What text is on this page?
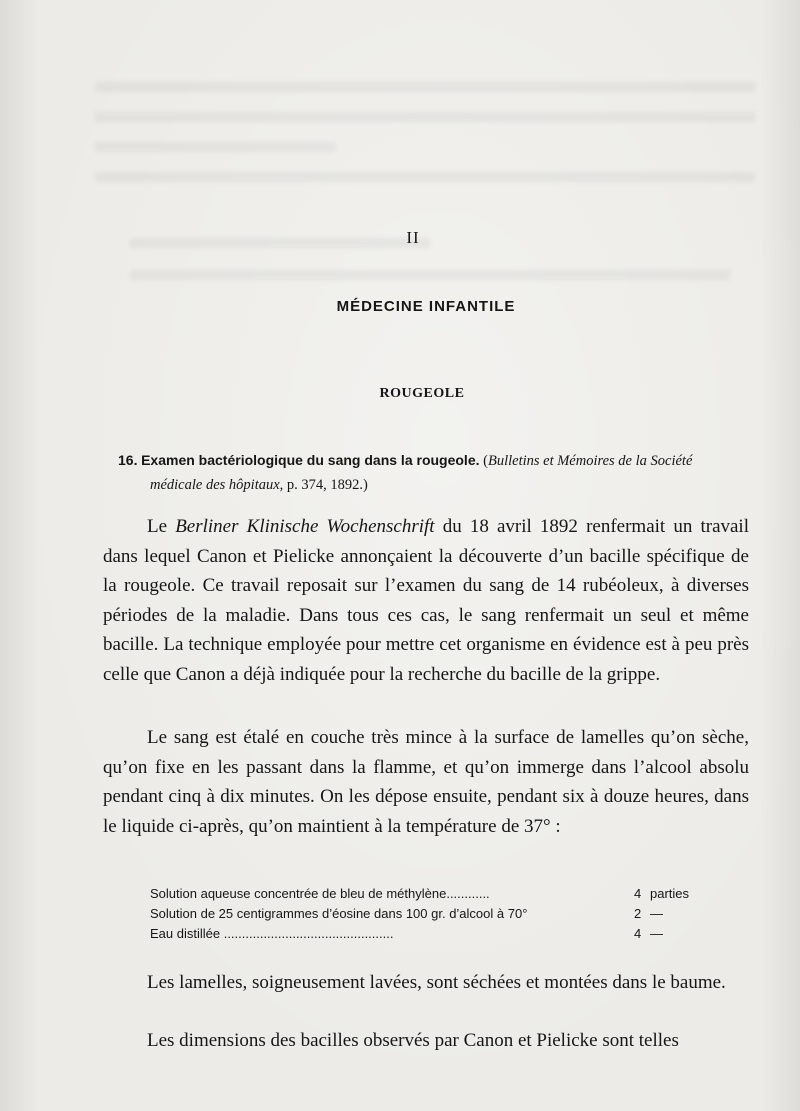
II
MÉDECINE INFANTILE
ROUGEOLE
16. Examen bactériologique du sang dans la rougeole. (Bulletins et Mémoires de la Société
médicale des hôpitaux, p. 374, 1892.)

Le Berliner Klinische Wochenschrift du 18 avril 1892 renfermait un travail dans lequel Canon et Pielicke annonçaient la découverte d’un bacille spécifique de la rougeole. Ce travail reposait sur l’examen du sang de 14 rubéoleux, à diverses périodes de la maladie. Dans tous ces cas, le sang renfermait un seul et même bacille. La technique employée pour mettre cet organisme en évidence est à peu près celle que Canon a déjà indiquée pour la recherche du bacille de la grippe.

Le sang est étalé en couche très mince à la surface de lamelles qu’on sèche, qu’on fixe en les passant dans la flamme, et qu’on immerge dans l’alcool absolu pendant cinq à dix minutes. On les dépose ensuite, pendant six à douze heures, dans le liquide ci-après, qu’on maintient à la température de 37° :

Solution aqueuse concentrée de bleu de méthylène............	4 parties
Solution de 25 centigrammes d’éosine dans 100 gr. d’alcool à 70°	2 —
Eau distillée ...............................................	4 —

Les lamelles, soigneusement lavées, sont séchées et montées dans le baume.

Les dimensions des bacilles observés par Canon et Pielicke sont telles
